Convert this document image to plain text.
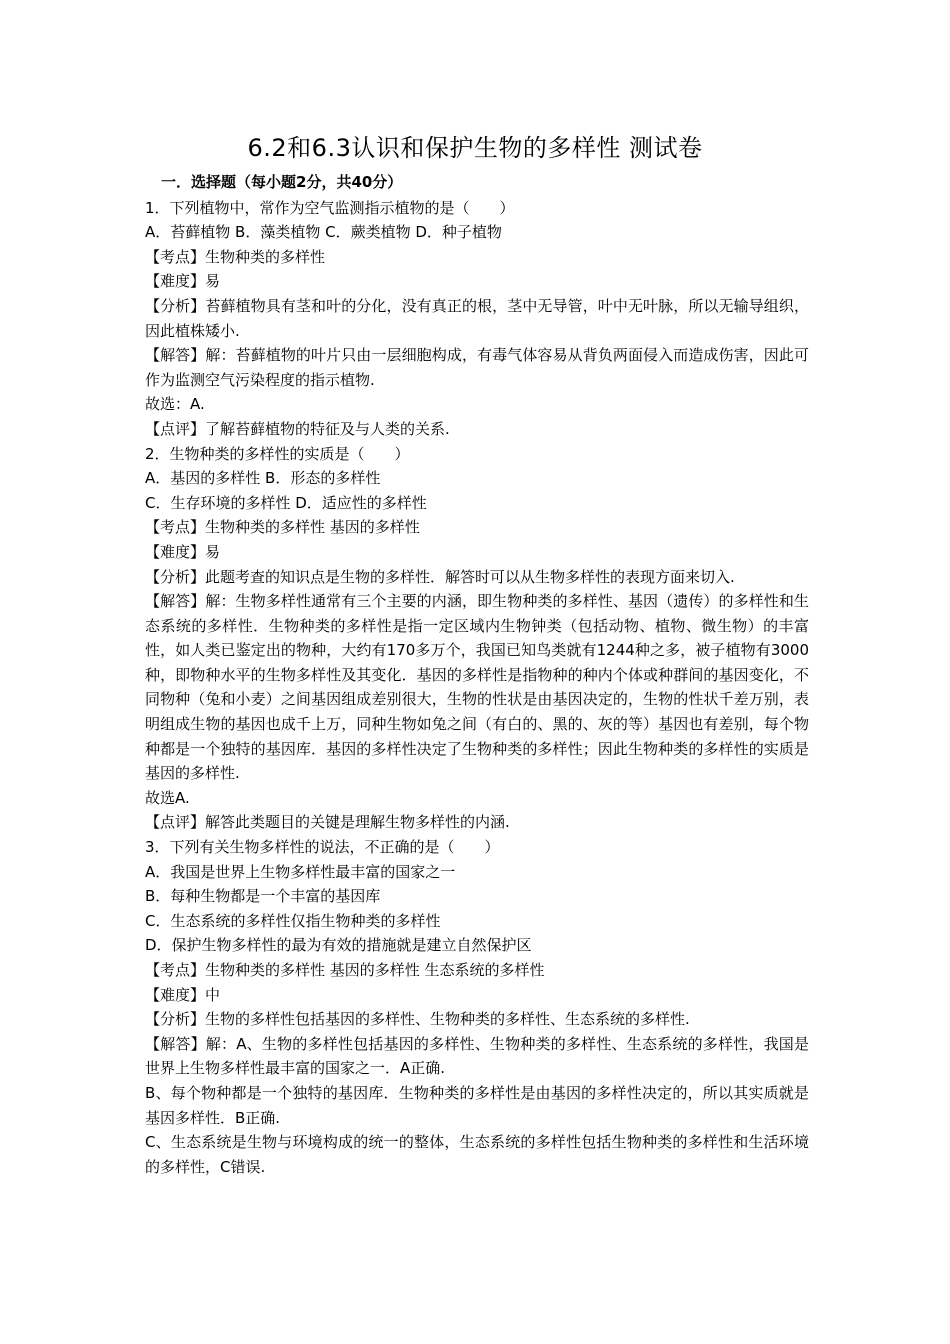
6.2和6.3认识和保护生物的多样性 测试卷
一．选择题（每小题2分，共40分）
1．下列植物中，常作为空气监测指示植物的是（　　）
A．苔藓植物 B．藻类植物 C．蕨类植物 D．种子植物
【考点】生物种类的多样性
【难度】易
【分析】苔藓植物具有茎和叶的分化，没有真正的根，茎中无导管，叶中无叶脉，所以无输导组织，因此植株矮小.
【解答】解：苔藓植物的叶片只由一层细胞构成，有毒气体容易从背负两面侵入而造成伤害，因此可作为监测空气污染程度的指示植物.
故选：A.
【点评】了解苔藓植物的特征及与人类的关系.
2．生物种类的多样性的实质是（　　）
A．基因的多样性 B．形态的多样性
C．生存环境的多样性 D．适应性的多样性
【考点】生物种类的多样性 基因的多样性
【难度】易
【分析】此题考查的知识点是生物的多样性．解答时可以从生物多样性的表现方面来切入.
【解答】解：生物多样性通常有三个主要的内涵，即生物种类的多样性、基因（遗传）的多样性和生态系统的多样性．生物种类的多样性是指一定区域内生物钟类（包括动物、植物、微生物）的丰富性，如人类已鉴定出的物种，大约有170多万个，我国已知鸟类就有1244种之多，被子植物有3000种，即物种水平的生物多样性及其变化．基因的多样性是指物种的种内个体或种群间的基因变化，不同物种（兔和小麦）之间基因组成差别很大，生物的性状是由基因决定的，生物的性状千差万别，表明组成生物的基因也成千上万，同种生物如兔之间（有白的、黑的、灰的等）基因也有差别，每个物种都是一个独特的基因库．基因的多样性决定了生物种类的多样性；因此生物种类的多样性的实质是基因的多样性.
故选A.
【点评】解答此类题目的关键是理解生物多样性的内涵.
3．下列有关生物多样性的说法，不正确的是（　　）
A．我国是世界上生物多样性最丰富的国家之一
B．每种生物都是一个丰富的基因库
C．生态系统的多样性仅指生物种类的多样性
D．保护生物多样性的最为有效的措施就是建立自然保护区
【考点】生物种类的多样性 基因的多样性 生态系统的多样性
【难度】中
【分析】生物的多样性包括基因的多样性、生物种类的多样性、生态系统的多样性.
【解答】解：A、生物的多样性包括基因的多样性、生物种类的多样性、生态系统的多样性，我国是世界上生物多样性最丰富的国家之一．A正确.
B、每个物种都是一个独特的基因库．生物种类的多样性是由基因的多样性决定的，所以其实质就是基因多样性．B正确.
C、生态系统是生物与环境构成的统一的整体，生态系统的多样性包括生物种类的多样性和生活环境的多样性，C错误.
